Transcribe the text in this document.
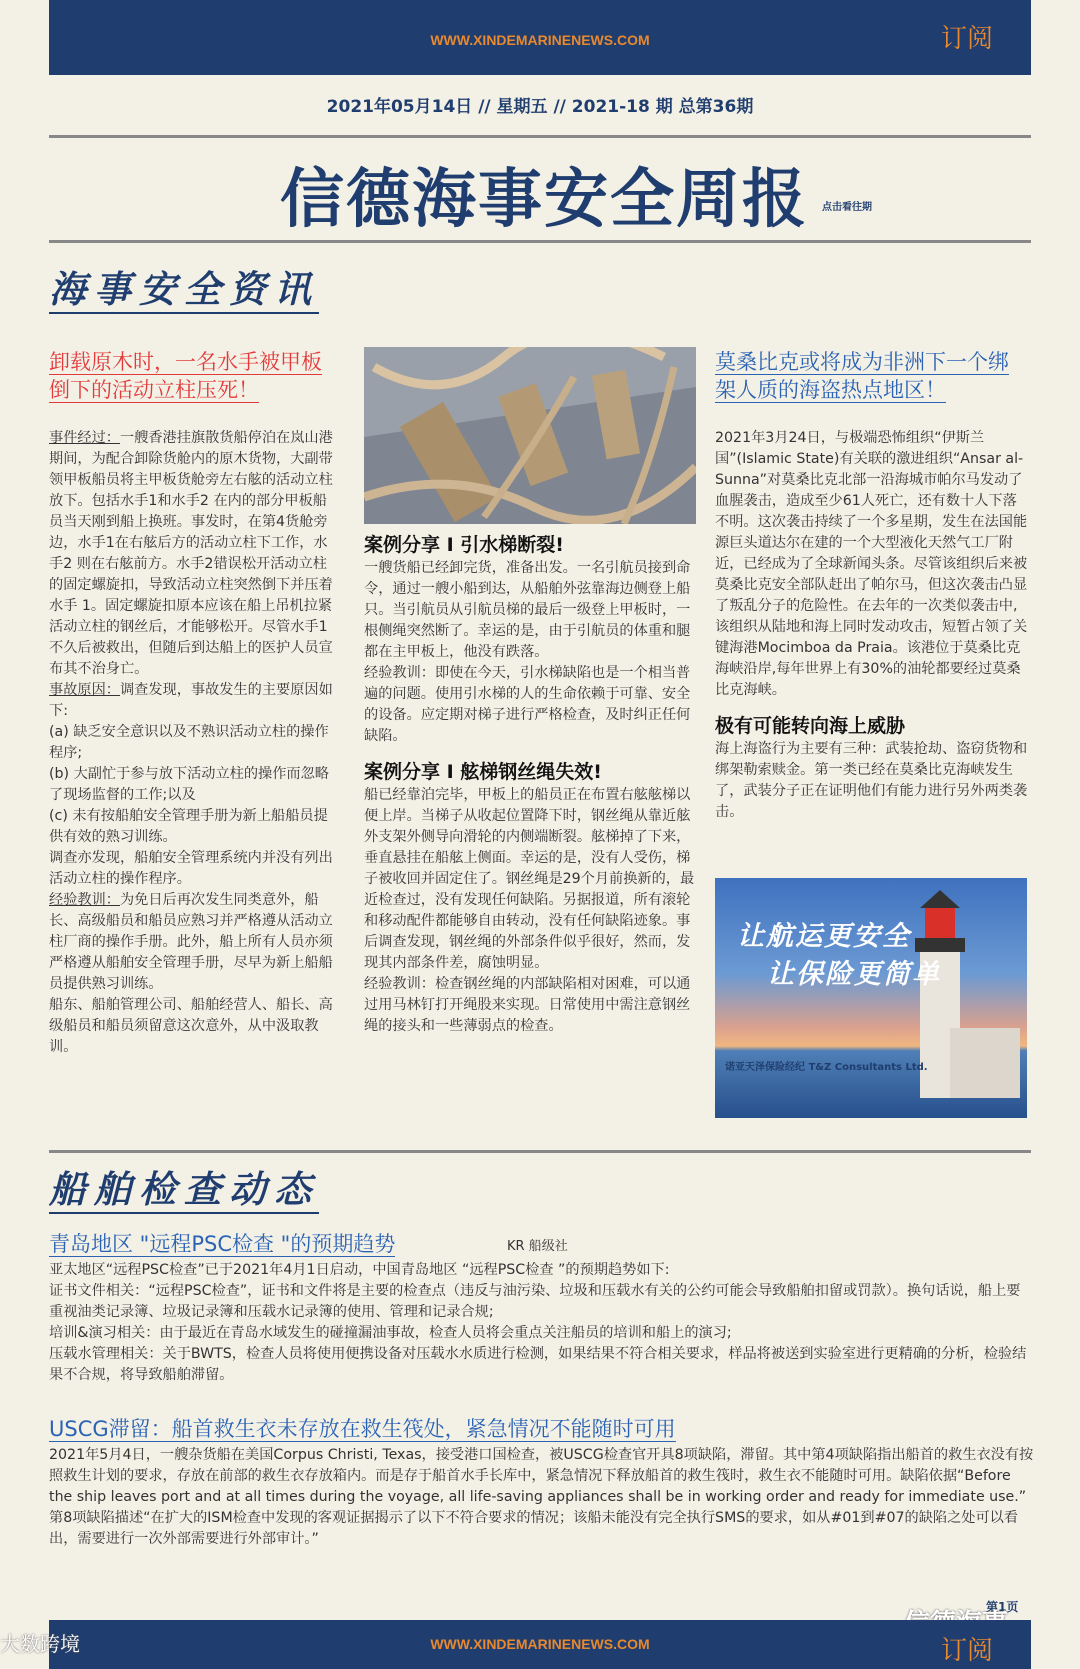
WWW.XINDEMARINENEWS.COM	订阅
2021年05月14日 // 星期五 // 2021-18 期 总第36期
信德海事安全周报 点击看往期
海事安全资讯
卸载原木时，一名水手被甲板倒下的活动立柱压死！

事件经过：一艘香港挂旗散货船停泊在岚山港期间，为配合卸除货舱内的原木货物，大副带领甲板船员将主甲板货舱旁左右舷的活动立柱放下。包括水手1和水手2 在内的部分甲板船员当天刚到船上换班。事发时，在第4货舱旁边，水手1在右舷后方的活动立柱下工作，水手2 则在右舷前方。水手2错误松开活动立柱的固定螺旋扣，导致活动立柱突然倒下并压着水手 1。固定螺旋扣原本应该在船上吊机拉紧活动立柱的钢丝后，才能够松开。尽管水手1不久后被救出，但随后到达船上的医护人员宣布其不治身亡。

事故原因：调查发现，事故发生的主要原因如下:

(a) 缺乏安全意识以及不熟识活动立柱的操作程序;

(b) 大副忙于参与放下活动立柱的操作而忽略了现场监督的工作;以及

(c) 未有按船舶安全管理手册为新上船船员提供有效的熟习训练。

调查亦发现，船舶安全管理系统内并没有列出活动立柱的操作程序。

经验教训：为免日后再次发生同类意外，船长、高级船员和船员应熟习并严格遵从活动立柱厂商的操作手册。此外，船上所有人员亦须严格遵从船舶安全管理手册，尽早为新上船船员提供熟习训练。

船东、船舶管理公司、船舶经营人、船长、高级船员和船员须留意这次意外，从中汲取教训。

案例分享 I 引水梯断裂!

一艘货船已经卸完货，准备出发。一名引航员接到命令，通过一艘小船到达，从船舶外弦靠海边侧登上船只。当引航员从引航员梯的最后一级登上甲板时，一根侧绳突然断了。幸运的是，由于引航员的体重和腿都在主甲板上，他没有跌落。

经验教训：即使在今天，引水梯缺陷也是一个相当普遍的问题。使用引水梯的人的生命依赖于可靠、安全的设备。应定期对梯子进行严格检查，及时纠正任何缺陷。

案例分享 I 舷梯钢丝绳失效!

船已经靠泊完毕，甲板上的船员正在布置右舷舷梯以便上岸。当梯子从收起位置降下时，钢丝绳从靠近舷外支架外侧导向滑轮的内侧端断裂。舷梯掉了下来，垂直悬挂在船舷上侧面。幸运的是，没有人受伤，梯子被收回并固定住了。钢丝绳是29个月前换新的，最近检查过，没有发现任何缺陷。另据报道，所有滚轮和移动配件都能够自由转动，没有任何缺陷迹象。事后调查发现，钢丝绳的外部条件似乎很好，然而，发现其内部条件差，腐蚀明显。

经验教训：检查钢丝绳的内部缺陷相对困难，可以通过用马林钉打开绳股来实现。日常使用中需注意钢丝绳的接头和一些薄弱点的检查。

莫桑比克或将成为非洲下一个绑架人质的海盗热点地区！

2021年3月24日，与极端恐怖组织“伊斯兰国”(Islamic State)有关联的激进组织“Ansar al-Sunna”对莫桑比克北部一沿海城市帕尔马发动了血腥袭击，造成至少61人死亡，还有数十人下落不明。这次袭击持续了一个多星期，发生在法国能源巨头道达尔在建的一个大型液化天然气工厂附近，已经成为了全球新闻头条。尽管该组织后来被莫桑比克安全部队赶出了帕尔马，但这次袭击凸显了叛乱分子的危险性。在去年的一次类似袭击中,该组织从陆地和海上同时发动攻击，短暂占领了关键海港Mocimboa da Praia。该港位于莫桑比克海峡沿岸,每年世界上有30%的油轮都要经过莫桑比克海峡。

极有可能转向海上威胁

海上海盗行为主要有三种：武装抢劫、盗窃货物和绑架勒索赎金。第一类已经在莫桑比克海峡发生了，武装分子正在证明他们有能力进行另外两类袭击。

让航运更安全
让保险更简单
诺亚天泽保险经纪 T&Z Consultants Ltd.
船舶检查动态
青岛地区 "远程PSC检查 "的预期趋势	KR 船级社

亚太地区“远程PSC检查”已于2021年4月1日启动，中国青岛地区 “远程PSC检查 ”的预期趋势如下:

证书文件相关：“远程PSC检查”，证书和文件将是主要的检查点（违反与油污染、垃圾和压载水有关的公约可能会导致船舶扣留或罚款）。换句话说，船上要重视油类记录簿、垃圾记录簿和压载水记录簿的使用、管理和记录合规;

培训&演习相关：由于最近在青岛水域发生的碰撞漏油事故，检查人员将会重点关注船员的培训和船上的演习;

压载水管理相关：关于BWTS，检查人员将使用便携设备对压载水水质进行检测，如果结果不符合相关要求，样品将被送到实验室进行更精确的分析，检验结果不合规，将导致船舶滞留。

USCG滞留：船首救生衣未存放在救生筏处，紧急情况不能随时可用

2021年5月4日，一艘杂货船在美国Corpus Christi, Texas，接受港口国检查，被USCG检查官开具8项缺陷，滞留。其中第4项缺陷指出船首的救生衣没有按照救生计划的要求，存放在前部的救生衣存放箱内。而是存于船首水手长库中，紧急情况下释放船首的救生筏时，救生衣不能随时可用。缺陷依据“Before the ship leaves port and at all times during the voyage, all life-saving appliances shall be in working order and ready for immediate use.”

第8项缺陷描述“在扩大的ISM检查中发现的客观证据揭示了以下不符合要求的情况；该船未能没有完全执行SMS的要求，如从#01到#07的缺陷之处可以看出，需要进行一次外部需要进行外部审计。”

第1页
WWW.XINDEMARINENEWS.COM	订阅
大数跨境
